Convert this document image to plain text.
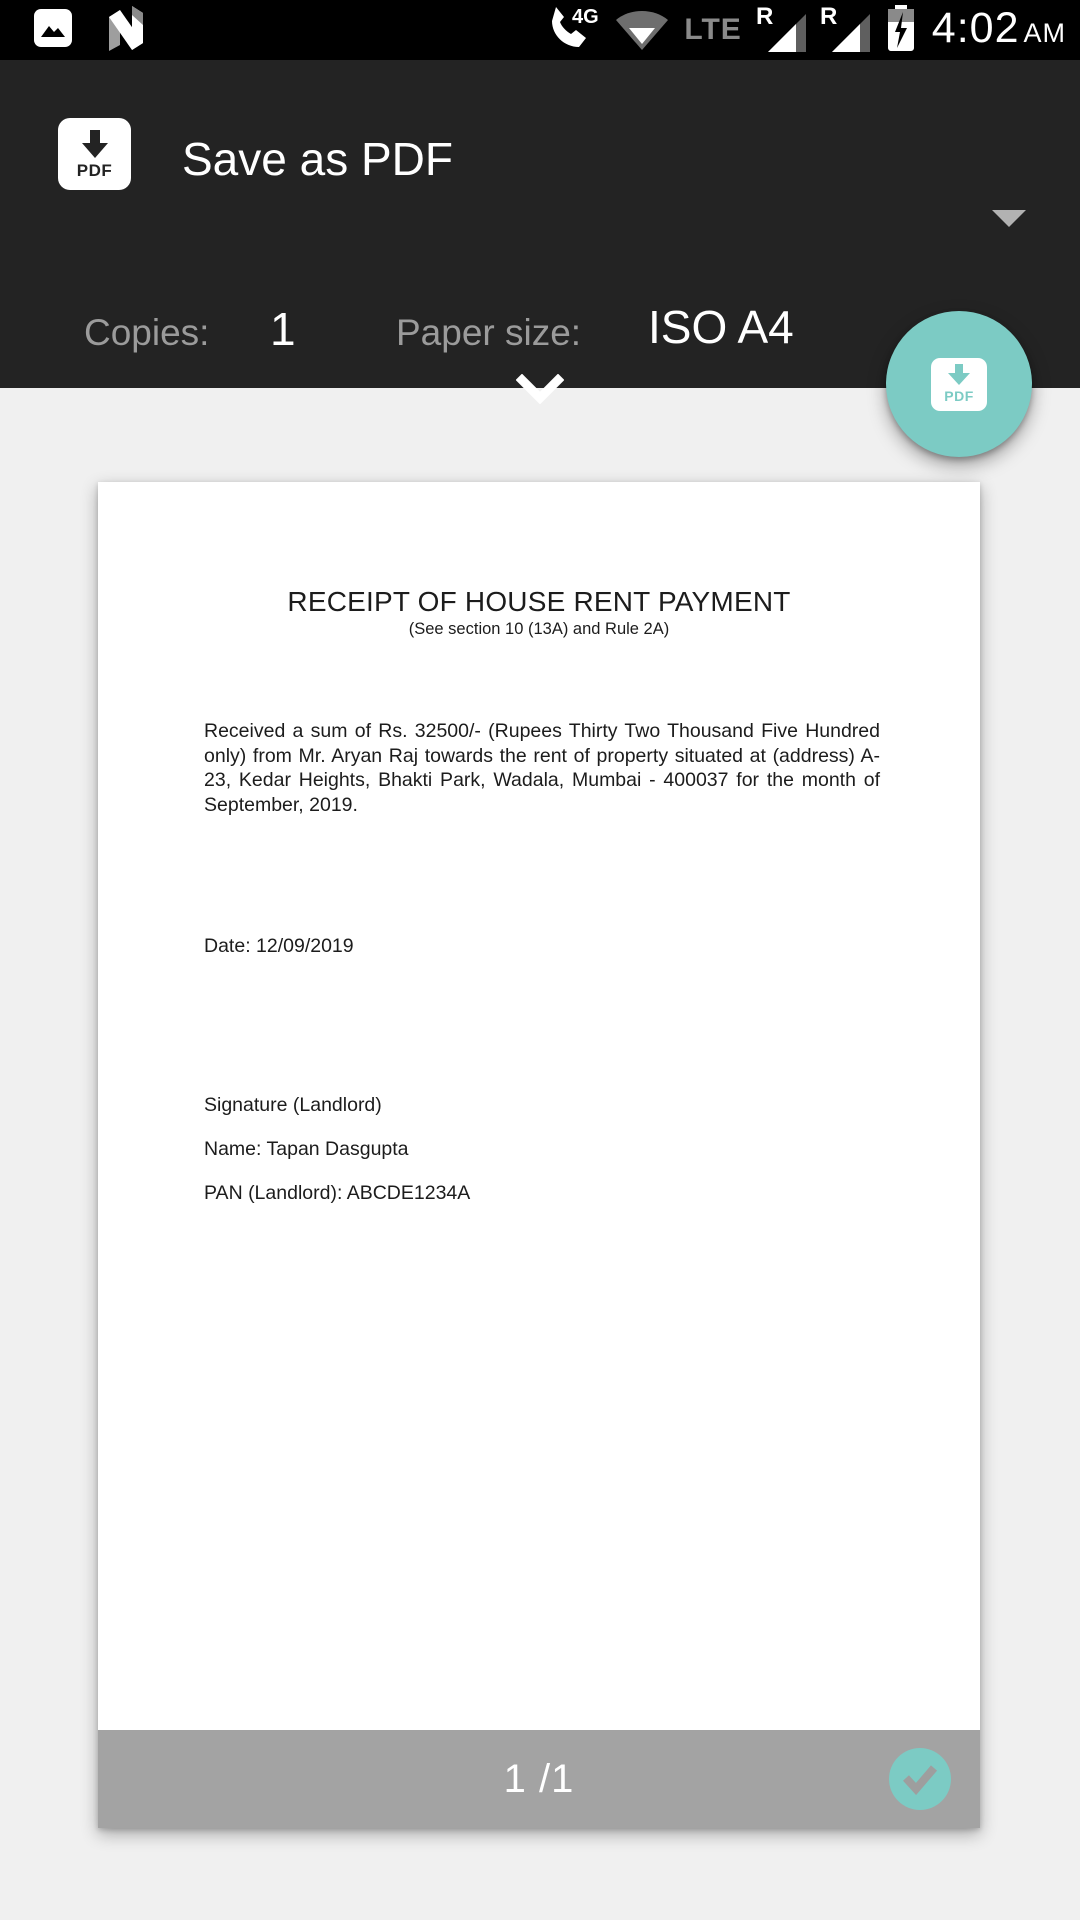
4G	LTE R R 4:02 AM
PDF Save as PDF
Copies: 1	Paper size: ISO A4
PDF
RECEIPT OF HOUSE RENT PAYMENT
(See section 10 (13A) and Rule 2A)
Received a sum of Rs. 32500/- (Rupees Thirty Two Thousand Five Hundred only) from Mr. Aryan Raj towards the rent of property situated at (address) A-23, Kedar Heights, Bhakti Park, Wadala, Mumbai - 400037 for the month of September, 2019.
Date: 12/09/2019
Signature (Landlord)
Name: Tapan Dasgupta
PAN (Landlord): ABCDE1234A
1 /1
